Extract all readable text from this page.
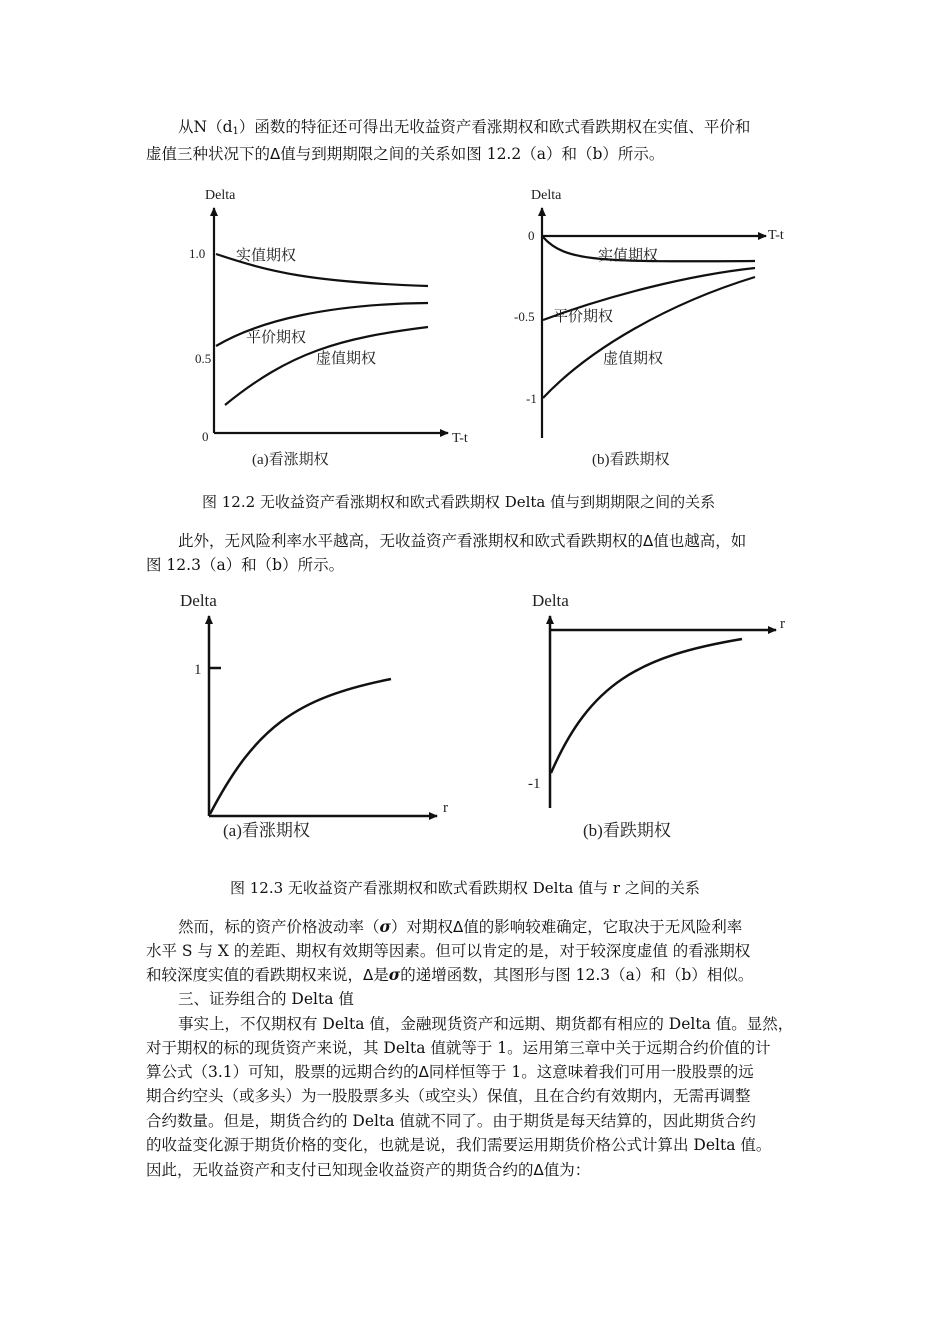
从$N(d_1)$函数的特征还可得出无收益资产看涨期权和欧式看跌期权在实值、平价和
虚值三种状况下的Δ值与到期期限之间的关系如图 12.2（a）和（b）所示。
Delta
1.0
0.5
0	T-t
实值期权
平价期权
虚值期权
(a)看涨期权
Delta
0
-0.5
-1
T-t
实值期权
平价期权
虚值期权
(b)看跌期权
图 12.2 无收益资产看涨期权和欧式看跌期权 Delta 值与到期期限之间的关系
此外，无风险利率水平越高，无收益资产看涨期权和欧式看跌期权的Δ值也越高，如
图 12.3（a）和（b）所示。
Delta
1
r
(a)看涨期权
Delta
-1
r
(b)看跌期权
图 12.3 无收益资产看涨期权和欧式看跌期权 Delta 值与 r 之间的关系
然而，标的资产价格波动率（σ）对期权Δ值的影响较难确定，它取决于无风险利率
水平 S 与 X 的差距、期权有效期等因素。但可以肯定的是，对于较深度虚值 的看涨期权
和较深度实值的看跌期权来说，Δ是σ的递增函数，其图形与图 12.3（a）和（b）相似。
三、证券组合的 Delta 值
事实上，不仅期权有 Delta 值，金融现货资产和远期、期货都有相应的 Delta 值。显然，
对于期权的标的现货资产来说，其 Delta 值就等于 1。运用第三章中关于远期合约价值的计
算公式（3.1）可知，股票的远期合约的Δ同样恒等于 1。这意味着我们可用一股股票的远
期合约空头（或多头）为一股股票多头（或空头）保值，且在合约有效期内，无需再调整
合约数量。但是，期货合约的 Delta 值就不同了。由于期货是每天结算的，因此期货合约
的收益变化源于期货价格的变化，也就是说，我们需要运用期货价格公式计算出 Delta 值。
因此，无收益资产和支付已知现金收益资产的期货合约的Δ值为：
